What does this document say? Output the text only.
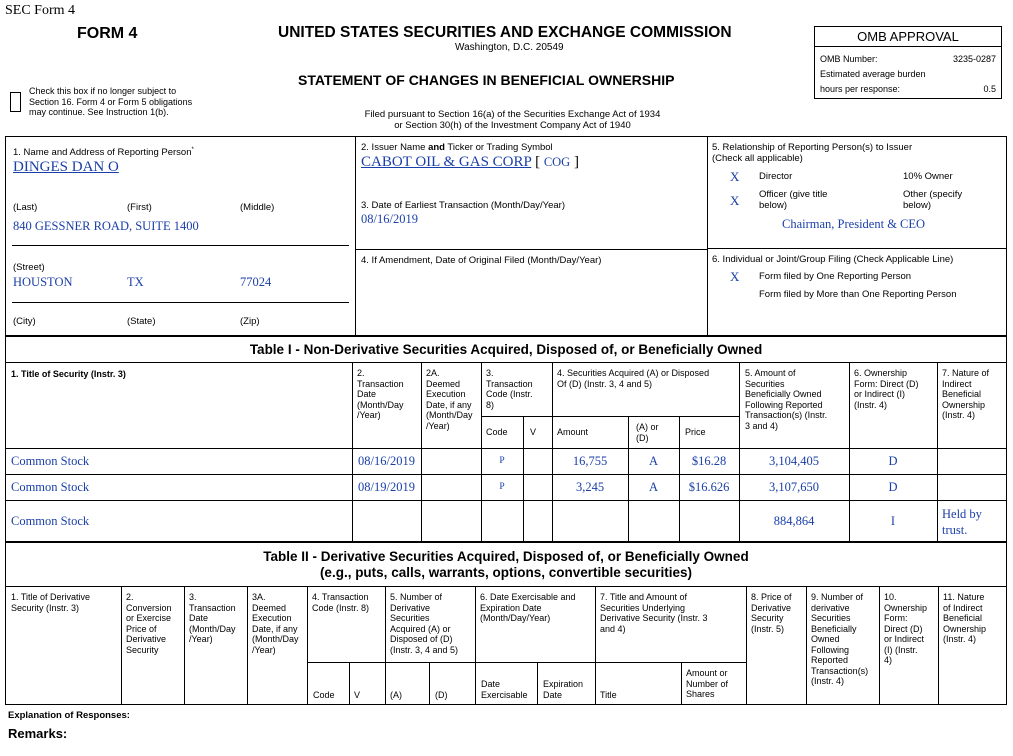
SEC Form 4
FORM 4	UNITED STATES SECURITIES AND EXCHANGE COMMISSION
Washington, D.C. 20549
STATEMENT OF CHANGES IN BENEFICIAL OWNERSHIP
Filed pursuant to Section 16(a) of the Securities Exchange Act of 1934
or Section 30(h) of the Investment Company Act of 1940
Check this box if no longer subject to
Section 16. Form 4 or Form 5 obligations
may continue. See Instruction 1(b).
OMB APPROVAL
OMB Number:	3235-0287
Estimated average burden
hours per response:	0.5
1. Name and Address of Reporting Person*
DINGES DAN O
(Last)	(First)	(Middle)
840 GESSNER ROAD, SUITE 1400
(Street)
HOUSTON	TX	77024
(City)	(State)	(Zip)
2. Issuer Name and Ticker or Trading Symbol
CABOT OIL & GAS CORP [ COG ]
3. Date of Earliest Transaction (Month/Day/Year)
08/16/2019
4. If Amendment, Date of Original Filed (Month/Day/Year)
5. Relationship of Reporting Person(s) to Issuer
(Check all applicable)
X Director	10% Owner
X Officer (give title
below)
Other (specify
below)
Chairman, President & CEO
6. Individual or Joint/Group Filing (Check Applicable Line)
X Form filed by One Reporting Person
Form filed by More than One Reporting Person
Table I - Non-Derivative Securities Acquired, Disposed of, or Beneficially Owned
1. Title of Security (Instr. 3)	2.
Transaction
Date
(Month/Day
/Year)
2A.
Deemed
Execution
Date, if any
(Month/Day
/Year)
3.
Transaction
Code (Instr.
8)
Code V
4. Securities Acquired (A) or Disposed
Of (D) (Instr. 3, 4 and 5)
Amount	(A) or
(D)
Price
5. Amount of
Securities
Beneficially Owned
Following Reported
Transaction(s) (Instr.
3 and 4)
6. Ownership
Form: Direct (D)
or Indirect (I)
(Instr. 4)
7. Nature of
Indirect
Beneficial
Ownership
(Instr. 4)
Common Stock	08/16/2019	P	16,755	A	$16.28	3,104,405	D
Common Stock	08/19/2019	P	3,245	A	$16.626	3,107,650	D
Common Stock	884,864	I	Held by trust.
Table II - Derivative Securities Acquired, Disposed of, or Beneficially Owned
(e.g., puts, calls, warrants, options, convertible securities)
1. Title of Derivative
Security (Instr. 3)
2.
Conversion
or Exercise
Price of
Derivative
Security
3.
Transaction
Date
(Month/Day
/Year)
3A.
Deemed
Execution
Date, if any
(Month/Day
/Year)
4. Transaction
Code (Instr. 8)
Code V
5. Number of
Derivative
Securities
Acquired (A) or
Disposed of (D)
(Instr. 3, 4 and 5)
(A)	(D)
6. Date Exercisable and
Expiration Date
(Month/Day/Year)
Date
Exercisable
Expiration
Date
7. Title and Amount of
Securities Underlying
Derivative Security (Instr. 3
and 4)
Title
Amount or
Number of
Shares
8. Price of
Derivative
Security
(Instr. 5)
9. Number of
derivative
Securities
Beneficially
Owned
Following
Reported
Transaction(s)
(Instr. 4)
10.
Ownership
Form:
Direct (D)
or Indirect
(I) (Instr.
4)
11. Nature
of Indirect
Beneficial
Ownership
(Instr. 4)
Explanation of Responses:
Remarks:
